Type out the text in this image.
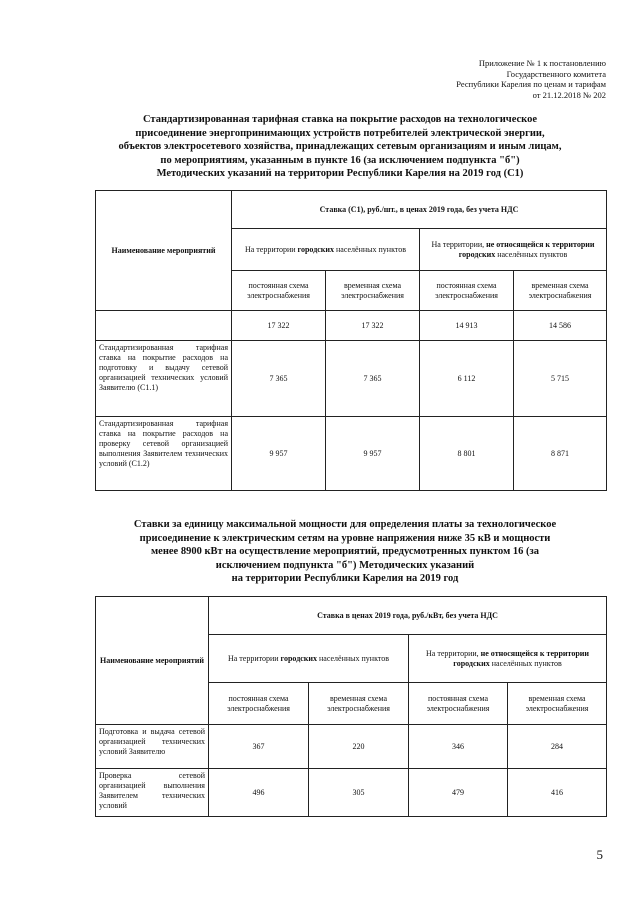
Приложение № 1 к постановлению
Государственного комитета
Республики Карелия по ценам и тарифам
от 21.12.2018 № 202
Стандартизированная тарифная ставка на покрытие расходов на технологическое
присоединение энергопринимающих устройств потребителей электрической энергии,
объектов электросетевого хозяйства, принадлежащих сетевым организациям и иным лицам,
по мероприятиям, указанным в пункте 16 (за исключением подпункта "б")
Методических указаний на территории Республики Карелия на 2019 год (С1)
Наименование мероприятий	Ставка (С1), руб./шт., в ценах 2019 года, без учета НДС			
	На территории городских населённых пунктов		На территории, не относящейся к территории городских населённых пунктов	
	постоянная схема электроснабжения	временная схема электроснабжения	постоянная схема электроснабжения	временная схема электроснабжения
	17 322	17 322	14 913	14 586
Стандартизированная тарифная ставка на покрытие расходов на подготовку и выдачу сетевой организацией технических условий Заявителю (С1.1)	7 365	7 365	6 112	5 715
Стандартизированная тарифная ставка на покрытие расходов на проверку сетевой организацией выполнения Заявителем технических условий (С1.2)	9 957	9 957	8 801	8 871
Ставки за единицу максимальной мощности для определения платы за технологическое
присоединение к электрическим сетям на уровне напряжения ниже 35 кВ и мощности
менее 8900 кВт на осуществление мероприятий, предусмотренных пунктом 16 (за
исключением подпункта "б") Методических указаний
на территории Республики Карелия на 2019 год
Наименование мероприятий	Ставка в ценах 2019 года, руб./кВт, без учета НДС			
	На территории городских населённых пунктов		На территории, не относящейся к территории городских населённых пунктов	
	постоянная схема электроснабжения	временная схема электроснабжения	постоянная схема электроснабжения	временная схема электроснабжения
Подготовка и выдача сетевой организацией технических условий Заявителю	367	220	346	284
Проверка сетевой организацией выполнения Заявителем технических условий	496	305	479	416
5
